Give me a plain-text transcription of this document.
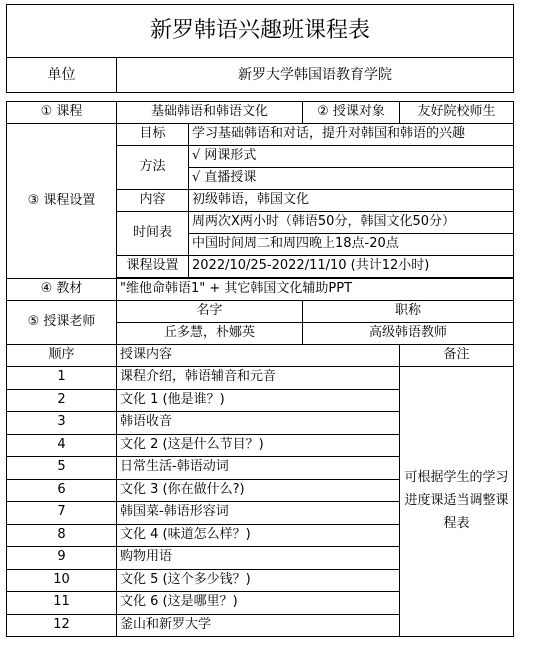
新罗韩语兴趣班课程表
单位	新罗大学韩国语教育学院
① 课程	基础韩语和韩语文化		② 授课对象	友好院校师生
③ 课程设置	目标	学习基础韩语和对话，提升对韩国和韩语的兴趣		
	方法	√ 网课形式		
		√ 直播授课		
	内容	初级韩语，韩国文化		
	时间表	周两次X两小时（韩语50分，韩国文化50分）		
		中国时间周二和周四晚上18点-20点		
	课程设置	2022/10/25-2022/11/10 (共计12小时)		

④ 教材	"维他命韩语1" + 其它韩国文化辅助PPT			
⑤ 授课老师	名字		职称	
	丘多慧，朴娜英		高级韩语教师	
顺序	授课内容			备注
1	课程介绍，韩语辅音和元音			可根据学生的学习进度课适当调整课程表
2	文化 1 (他是谁？)			
3	韩语收音			
4	文化 2 (这是什么节目？)			
5	日常生活-韩语动词			
6	文化 3 (你在做什么?)			
7	韩国菜-韩语形容词			
8	文化 4 (味道怎么样？)			
9	购物用语			
10	文化 5 (这个多少钱？)			
11	文化 6 (这是哪里？)			
12	釜山和新罗大学			
